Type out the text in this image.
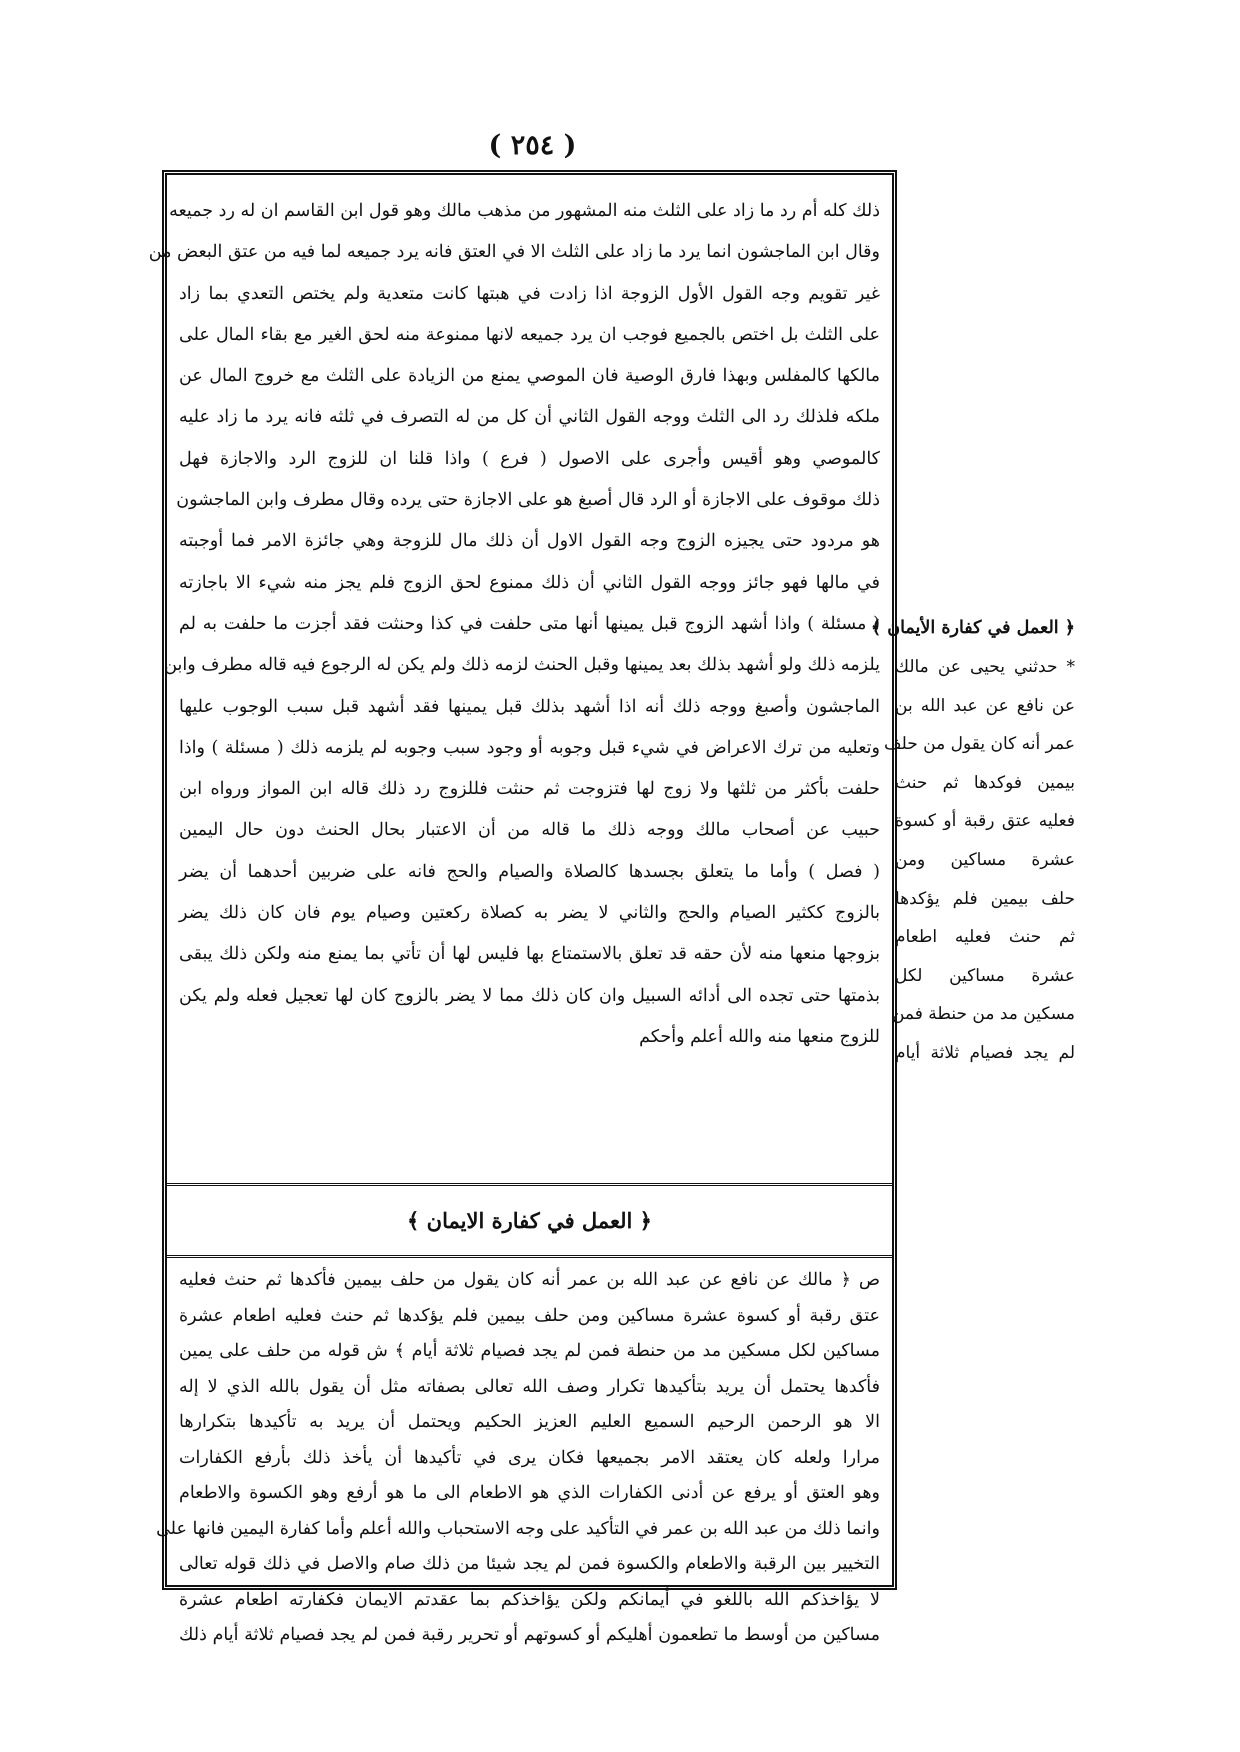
( ٢٥٤ )
ذلك كله أم رد ما زاد على الثلث منه المشهور من مذهب مالك وهو قول ابن القاسم ان له رد جميعه
وقال ابن الماجشون انما يرد ما زاد على الثلث الا في العتق فانه يرد جميعه لما فيه من عتق البعض من
غير تقويم وجه القول الأول الزوجة اذا زادت في هبتها كانت متعدية ولم يختص التعدي بما زاد
على الثلث بل اختص بالجميع فوجب ان يرد جميعه لانها ممنوعة منه لحق الغير مع بقاء المال على
مالكها كالمفلس وبهذا فارق الوصية فان الموصي يمنع من الزيادة على الثلث مع خروج المال عن
ملكه فلذلك رد الى الثلث ووجه القول الثاني أن كل من له التصرف في ثلثه فانه يرد ما زاد عليه
كالموصي وهو أقيس وأجرى على الاصول ( فرع ) واذا قلنا ان للزوج الرد والاجازة فهل
ذلك موقوف على الاجازة أو الرد قال أصبغ هو على الاجازة حتى يرده وقال مطرف وابن الماجشون
هو مردود حتى يجيزه الزوج وجه القول الاول أن ذلك مال للزوجة وهي جائزة الامر فما أوجبته
في مالها فهو جائز ووجه القول الثاني أن ذلك ممنوع لحق الزوج فلم يجز منه شيء الا باجازته
( مسئلة ) واذا أشهد الزوج قبل يمينها أنها متى حلفت في كذا وحنثت فقد أجزت ما حلفت به لم
يلزمه ذلك ولو أشهد بذلك بعد يمينها وقبل الحنث لزمه ذلك ولم يكن له الرجوع فيه قاله مطرف وابن
الماجشون وأصبغ ووجه ذلك أنه اذا أشهد بذلك قبل يمينها فقد أشهد قبل سبب الوجوب عليها
وتعليه من ترك الاعراض في شيء قبل وجوبه أو وجود سبب وجوبه لم يلزمه ذلك ( مسئلة ) واذا
حلفت بأكثر من ثلثها ولا زوج لها فتزوجت ثم حنثت فللزوج رد ذلك قاله ابن المواز ورواه ابن
حبيب عن أصحاب مالك ووجه ذلك ما قاله من أن الاعتبار بحال الحنث دون حال اليمين
( فصل ) وأما ما يتعلق بجسدها كالصلاة والصيام والحج فانه على ضربين أحدهما أن يضر
بالزوج ككثير الصيام والحج والثاني لا يضر به كصلاة ركعتين وصيام يوم فان كان ذلك يضر
بزوجها منعها منه لأن حقه قد تعلق بالاستمتاع بها فليس لها أن تأتي بما يمنع منه ولكن ذلك يبقى
بذمتها حتى تجده الى أدائه السبيل وان كان ذلك مما لا يضر بالزوج كان لها تعجيل فعله ولم يكن
للزوج منعها منه والله أعلم وأحكم
﴿ العمل في كفارة الايمان ﴾
ص ﴿ مالك عن نافع عن عبد الله بن عمر أنه كان يقول من حلف بيمين فأكدها ثم حنث فعليه
عتق رقبة أو كسوة عشرة مساكين ومن حلف بيمين فلم يؤكدها ثم حنث فعليه اطعام عشرة
مساكين لكل مسكين مد من حنطة فمن لم يجد فصيام ثلاثة أيام ﴾ ش قوله من حلف على يمين
فأكدها يحتمل أن يريد بتأكيدها تكرار وصف الله تعالى بصفاته مثل أن يقول بالله الذي لا إله
الا هو الرحمن الرحيم السميع العليم العزيز الحكيم ويحتمل أن يريد به تأكيدها بتكرارها
مرارا ولعله كان يعتقد الامر بجميعها فكان يرى في تأكيدها أن يأخذ ذلك بأرفع الكفارات
وهو العتق أو يرفع عن أدنى الكفارات الذي هو الاطعام الى ما هو أرفع وهو الكسوة والاطعام
وانما ذلك من عبد الله بن عمر في التأكيد على وجه الاستحباب والله أعلم وأما كفارة اليمين فانها على
التخيير بين الرقبة والاطعام والكسوة فمن لم يجد شيئا من ذلك صام والاصل في ذلك قوله تعالى
لا يؤاخذكم الله باللغو في أيمانكم ولكن يؤاخذكم بما عقدتم الايمان فكفارته اطعام عشرة
مساكين من أوسط ما تطعمون أهليكم أو كسوتهم أو تحرير رقبة فمن لم يجد فصيام ثلاثة أيام ذلك
﴿ العمل في كفارة الأيمان ﴾
* حدثني يحيى عن مالك
عن نافع عن عبد الله بن
عمر أنه كان يقول من حلف
بيمين فوكدها ثم حنث
فعليه عتق رقبة أو كسوة
عشرة مساكين ومن
حلف بيمين فلم يؤكدها
ثم حنث فعليه اطعام
عشرة مساكين لكل
مسكين مد من حنطة فمن
لم يجد فصيام ثلاثة أيام
